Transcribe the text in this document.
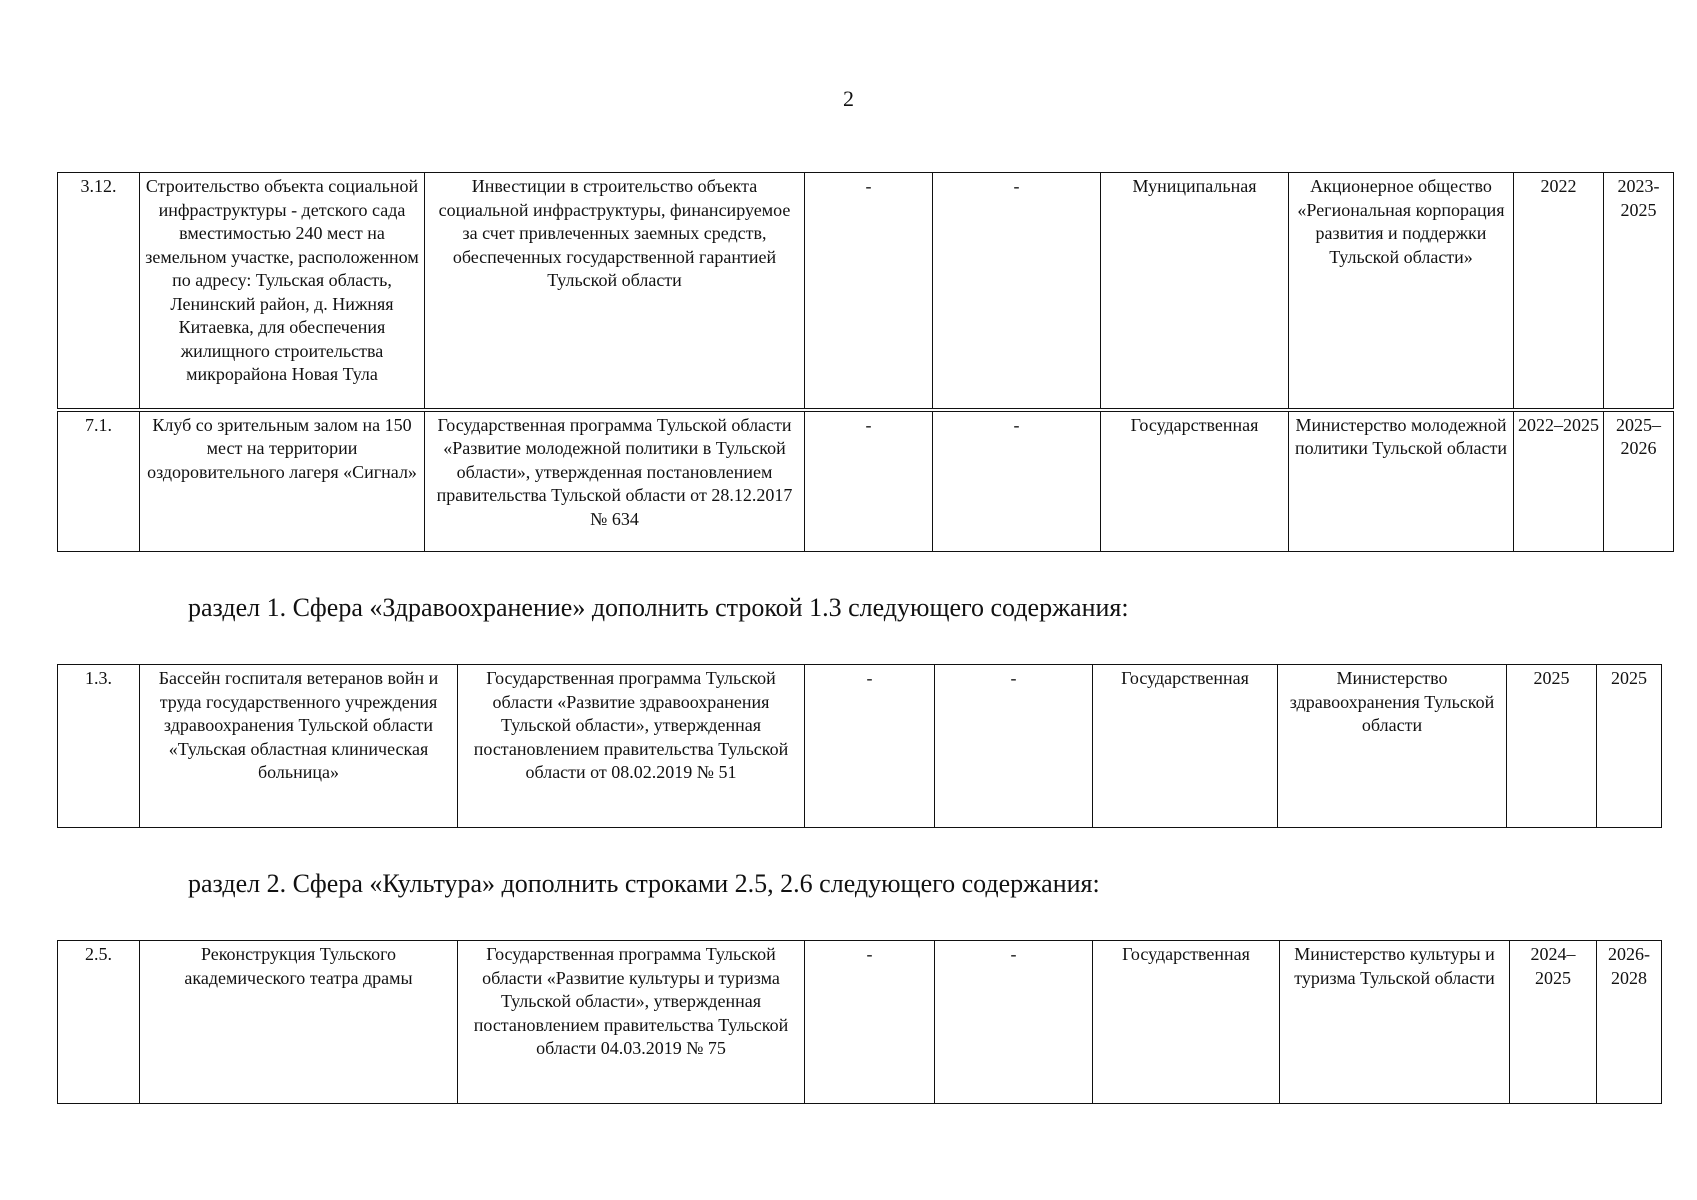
2
3.12.	Строительство объекта социальной инфраструктуры - детского сада вместимостью 240 мест на земельном участке, расположенном по адресу: Тульская область, Ленинский район, д. Нижняя Китаевка, для обеспечения жилищного строительства микрорайона Новая Тула	Инвестиции в строительство объекта социальной инфраструктуры, финансируемое за счет привлеченных заемных средств, обеспеченных государственной гарантией Тульской области	-	-	Муниципальная	Акционерное общество «Региональная корпорация развития и поддержки Тульской области»	2022	2023-2025
7.1.	Клуб со зрительным залом на 150 мест на территории оздоровительного лагеря «Сигнал»	Государственная программа Тульской области «Развитие молодежной политики в Тульской области», утвержденная постановлением правительства Тульской области от 28.12.2017 № 634	-	-	Государственная	Министерство молодежной политики Тульской области	2022–2025	2025–2026
раздел 1. Сфера «Здравоохранение» дополнить строкой 1.3 следующего содержания:
1.3.	Бассейн госпиталя ветеранов войн и труда государственного учреждения здравоохранения Тульской области «Тульская областная клиническая больница»	Государственная программа Тульской области «Развитие здравоохранения Тульской области», утвержденная постановлением правительства Тульской области от 08.02.2019 № 51	-	-	Государственная	Министерство здравоохранения Тульской области	2025	2025
раздел 2. Сфера «Культура» дополнить строками 2.5, 2.6 следующего содержания:
2.5.	Реконструкция Тульского академического театра драмы	Государственная программа Тульской области «Развитие культуры и туризма Тульской области», утвержденная постановлением правительства Тульской области 04.03.2019 № 75	-	-	Государственная	Министерство культуры и туризма Тульской области	2024–2025	2026-2028
